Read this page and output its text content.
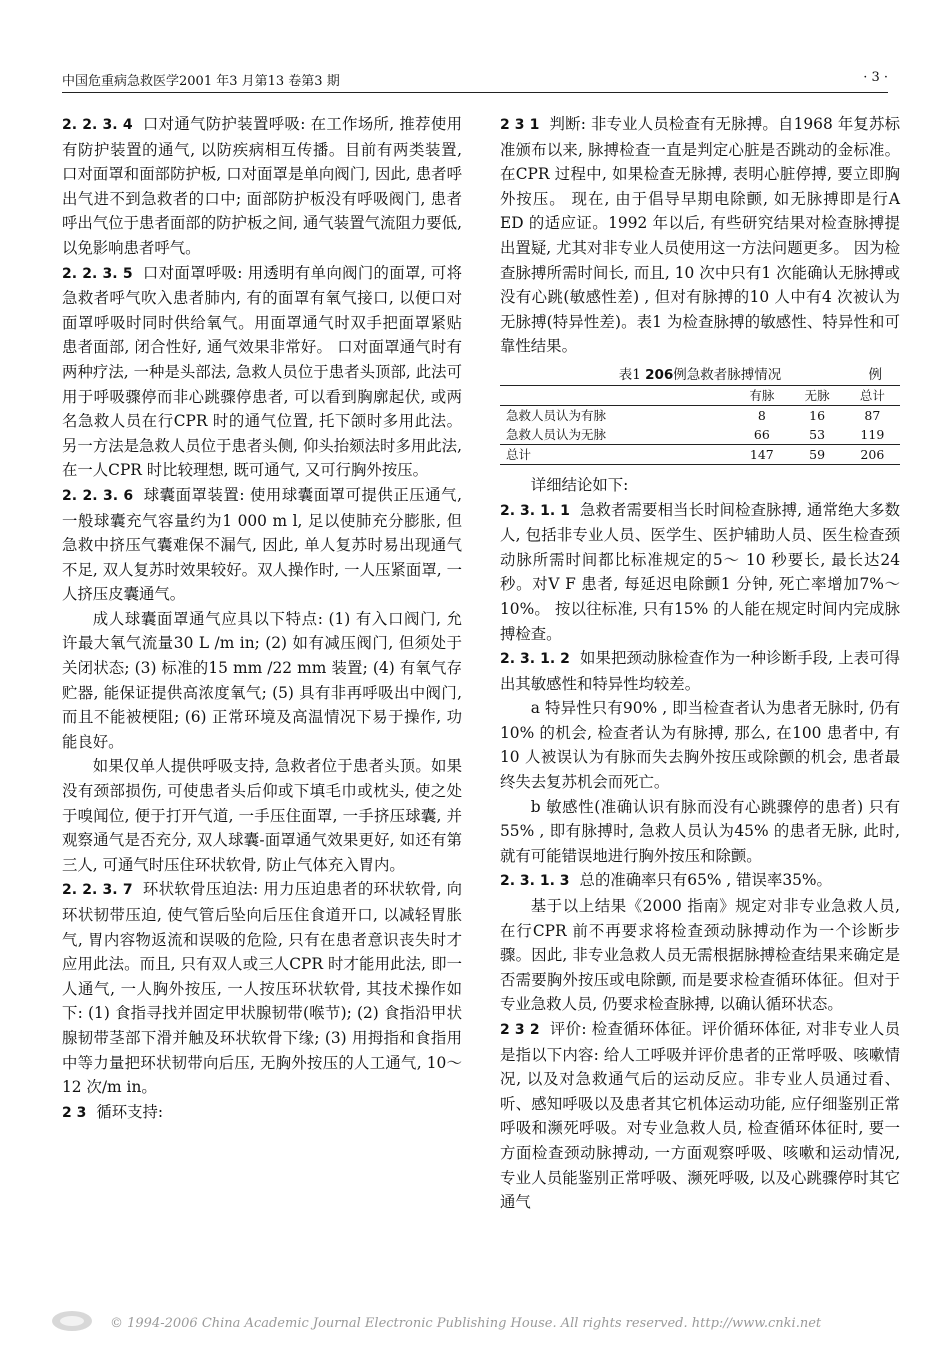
中国危重病急救医学2001 年3 月第13 卷第3 期	· 3 ·

2. 2. 3. 4 口对通气防护装置呼吸: 在工作场所, 推荐使用有防护装置的通气, 以防疾病相互传播。目前有两类装置, 口对面罩和面部防护板, 口对面罩是单向阀门, 因此, 患者呼出气进不到急救者的口中; 面部防护板没有呼吸阀门, 患者呼出气位于患者面部的防护板之间, 通气装置气流阻力要低, 以免影响患者呼气。

2. 2. 3. 5 口对面罩呼吸: 用透明有单向阀门的面罩, 可将急救者呼气吹入患者肺内, 有的面罩有氧气接口, 以便口对面罩呼吸时同时供给氧气。用面罩通气时双手把面罩紧贴患者面部, 闭合性好, 通气效果非常好。 口对面罩通气时有两种疗法, 一种是头部法, 急救人员位于患者头顶部, 此法可用于呼吸骤停而非心跳骤停患者, 可以看到胸廓起伏, 或两名急救人员在行CPR 时的通气位置, 托下颌时多用此法。另一方法是急救人员位于患者头侧, 仰头抬颏法时多用此法, 在一人CPR 时比较理想, 既可通气, 又可行胸外按压。

2. 2. 3. 6 球囊面罩装置: 使用球囊面罩可提供正压通气, 一般球囊充气容量约为1 000 m l, 足以使肺充分膨胀, 但急救中挤压气囊难保不漏气, 因此, 单人复苏时易出现通气不足, 双人复苏时效果较好。双人操作时, 一人压紧面罩, 一人挤压皮囊通气。

成人球囊面罩通气应具以下特点: (1) 有入口阀门, 允许最大氧气流量30 L /m in; (2) 如有减压阀门, 但须处于关闭状态; (3) 标准的15 mm /22 mm 装置; (4) 有氧气存贮器, 能保证提供高浓度氧气; (5) 具有非再呼吸出中阀门, 而且不能被梗阻; (6) 正常环境及高温情况下易于操作, 功能良好。

如果仅单人提供呼吸支持, 急救者位于患者头顶。如果没有颈部损伤, 可使患者头后仰或下填毛巾或枕头, 使之处于嗅闻位, 便于打开气道, 一手压住面罩, 一手挤压球囊, 并观察通气是否充分, 双人球囊-面罩通气效果更好, 如还有第三人, 可通气时压住环状软骨, 防止气体充入胃内。

2. 2. 3. 7 环状软骨压迫法: 用力压迫患者的环状软骨, 向环状韧带压迫, 使气管后坠向后压住食道开口, 以减轻胃胀气, 胃内容物返流和误吸的危险, 只有在患者意识丧失时才应用此法。而且, 只有双人或三人CPR 时才能用此法, 即一人通气, 一人胸外按压, 一人按压环状软骨, 其技术操作如下: (1) 食指寻找并固定甲状腺韧带(喉节); (2) 食指沿甲状腺韧带茎部下滑并触及环状软骨下缘; (3) 用拇指和食指用中等力量把环状韧带向后压, 无胸外按压的人工通气, 10～ 12 次/m in。

2 3 循环支持:

2 3 1 判断: 非专业人员检查有无脉搏。自1968 年复苏标准颁布以来, 脉搏检查一直是判定心脏是否跳动的金标准。在CPR 过程中, 如果检查无脉搏, 表明心脏停搏, 要立即胸外按压。 现在, 由于倡导早期电除颤, 如无脉搏即是行A ED 的适应证。1992 年以后, 有些研究结果对检查脉搏提出置疑, 尤其对非专业人员使用这一方法问题更多。 因为检查脉搏所需时间长, 而且, 10 次中只有1 次能确认无脉搏或没有心跳(敏感性差) , 但对有脉搏的10 人中有4 次被认为无脉搏(特异性差)。表1 为检查脉搏的敏感性、特异性和可靠性结果。

表1 206例急救者脉搏情况	例
	有脉	无脉	总计
急救人员认为有脉	8	16	87
急救人员认为无脉	66	53	119
总计	147	59	206

详细结论如下:

2. 3. 1. 1 急救者需要相当长时间检查脉搏, 通常绝大多数人, 包括非专业人员、医学生、医护辅助人员、医生检查颈动脉所需时间都比标准规定的5～ 10 秒要长, 最长达24 秒。对V F 患者, 每延迟电除颤1 分钟, 死亡率增加7%～ 10%。 按以往标准, 只有15% 的人能在规定时间内完成脉搏检查。

2. 3. 1. 2 如果把颈动脉检查作为一种诊断手段, 上表可得出其敏感性和特异性均较差。

a 特异性只有90% , 即当检查者认为患者无脉时, 仍有10% 的机会, 检查者认为有脉搏, 那么, 在100 患者中, 有10 人被误认为有脉而失去胸外按压或除颤的机会, 患者最终失去复苏机会而死亡。

b 敏感性(准确认识有脉而没有心跳骤停的患者) 只有55% , 即有脉搏时, 急救人员认为45% 的患者无脉, 此时, 就有可能错误地进行胸外按压和除颤。

2. 3. 1. 3 总的准确率只有65% , 错误率35%。

基于以上结果《2000 指南》规定对非专业急救人员, 在行CPR 前不再要求将检查颈动脉搏动作为一个诊断步骤。因此, 非专业急救人员无需根据脉搏检查结果来确定是否需要胸外按压或电除颤, 而是要求检查循环体征。但对于专业急救人员, 仍要求检查脉搏, 以确认循环状态。

2 3 2 评价: 检查循环体征。评价循环体征, 对非专业人员是指以下内容: 给人工呼吸并评价患者的正常呼吸、咳嗽情况, 以及对急救通气后的运动反应。非专业人员通过看、听、感知呼吸以及患者其它机体运动功能, 应仔细鉴别正常呼吸和濒死呼吸。对专业急救人员, 检查循环体征时, 要一方面检查颈动脉搏动, 一方面观察呼吸、咳嗽和运动情况, 专业人员能鉴别正常呼吸、濒死呼吸, 以及心跳骤停时其它通气

© 1994-2006 China Academic Journal Electronic Publishing House. All rights reserved. http://www.cnki.net
